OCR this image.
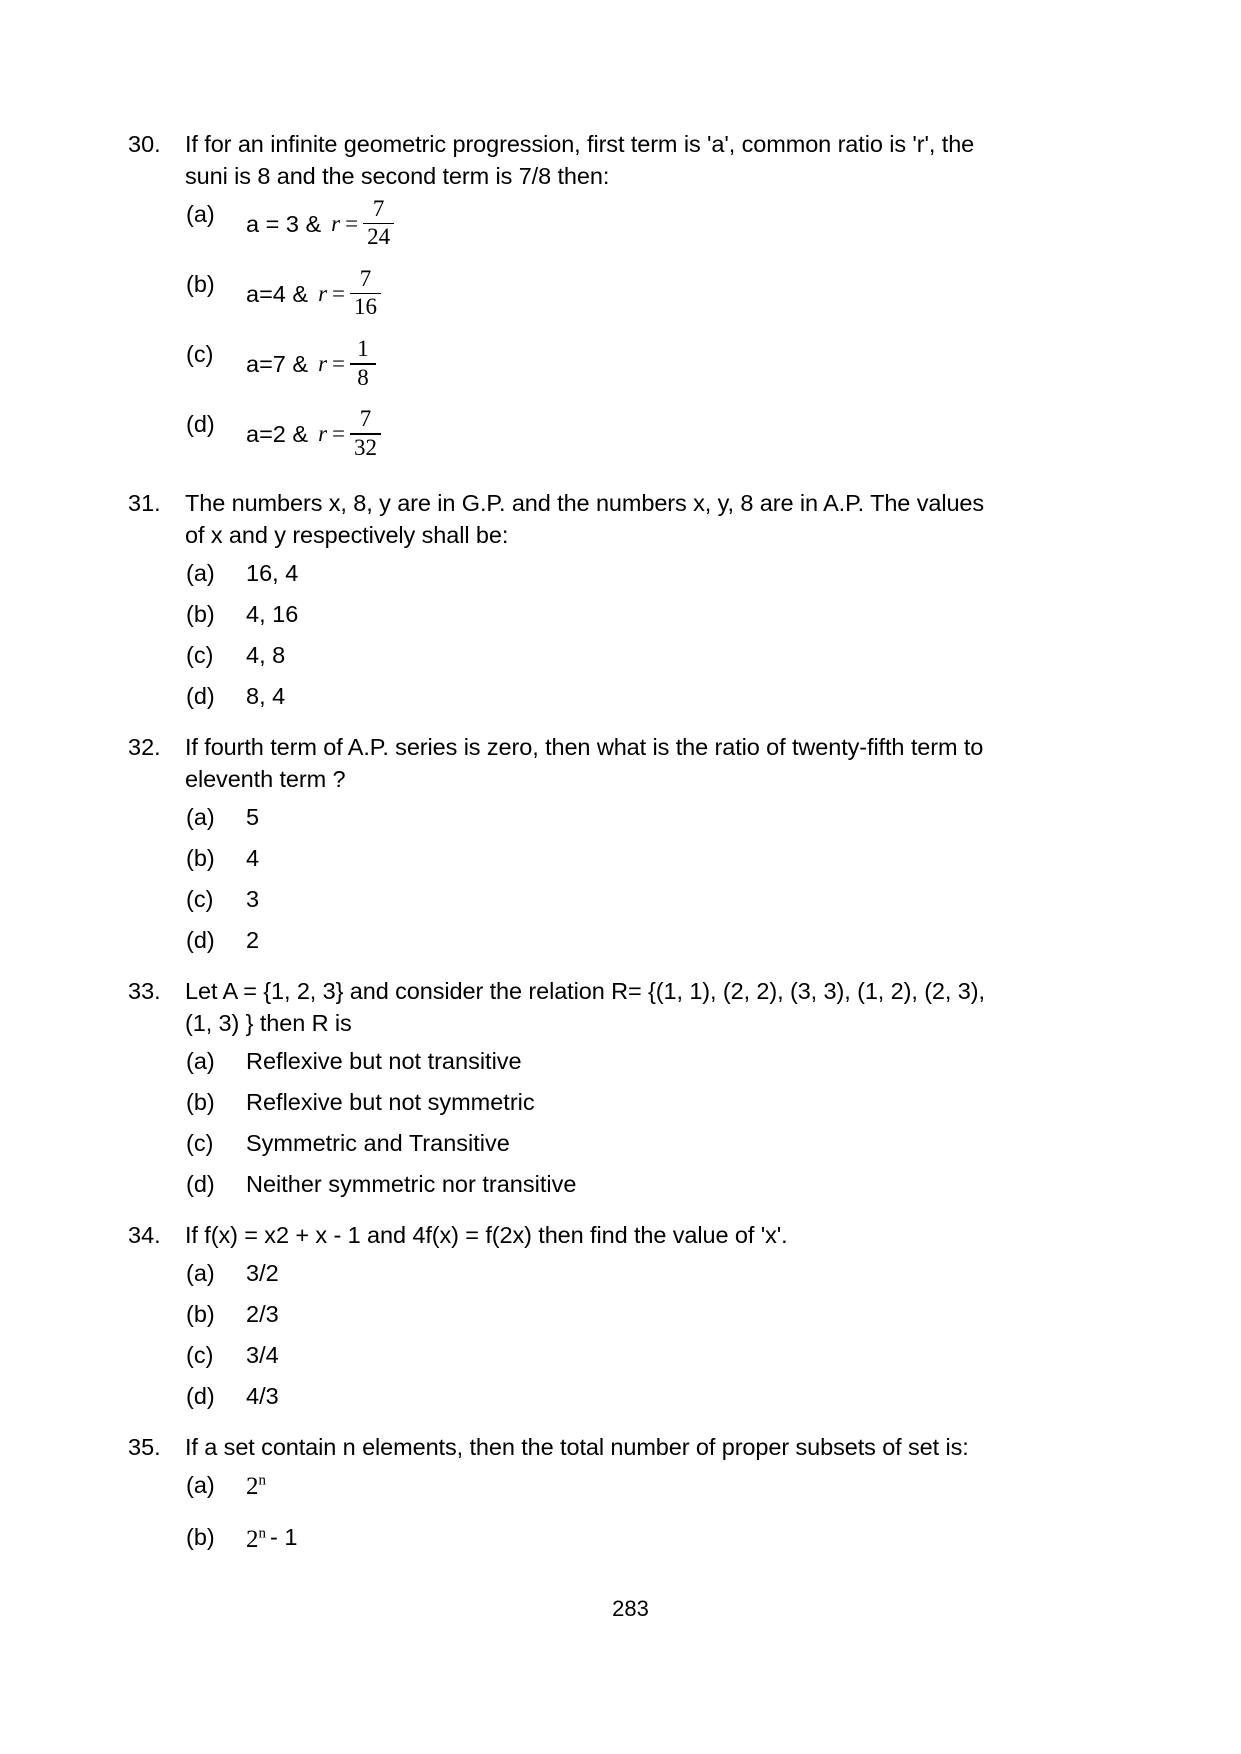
30.	If for an infinite geometric progression, first term is 'a', common ratio is 'r', the suni is 8 and the second term is 7/8 then:
(a)	a = 3 & $r = \frac{7}{24}$
(b)	a=4 & $r = \frac{7}{16}$
(c)	a=7 & $r = \frac{1}{8}$
(d)	a=2 & $r = \frac{7}{32}$
31.	The numbers x, 8, y are in G.P. and the numbers x, y, 8 are in A.P. The values of x and y respectively shall be:
(a)	16, 4
(b)	4, 16
(c)	4, 8
(d)	8, 4
32.	If fourth term of A.P. series is zero, then what is the ratio of twenty-fifth term to eleventh term ?
(a)	5
(b)	4
(c)	3
(d)	2
33.	Let A = {1, 2, 3} and consider the relation R= {(1, 1), (2, 2), (3, 3), (1, 2), (2, 3), (1, 3) } then R is
(a)	Reflexive but not transitive
(b)	Reflexive but not symmetric
(c)	Symmetric and Transitive
(d)	Neither symmetric nor transitive
34.	If f(x) = x2 + x - 1 and 4f(x) = f(2x) then find the value of 'x'.
(a)	3/2
(b)	2/3
(c)	3/4
(d)	4/3
35.	If a set contain n elements, then the total number of proper subsets of set is:
(a)	2$^n$
(b)	2$^n$ - 1
283
